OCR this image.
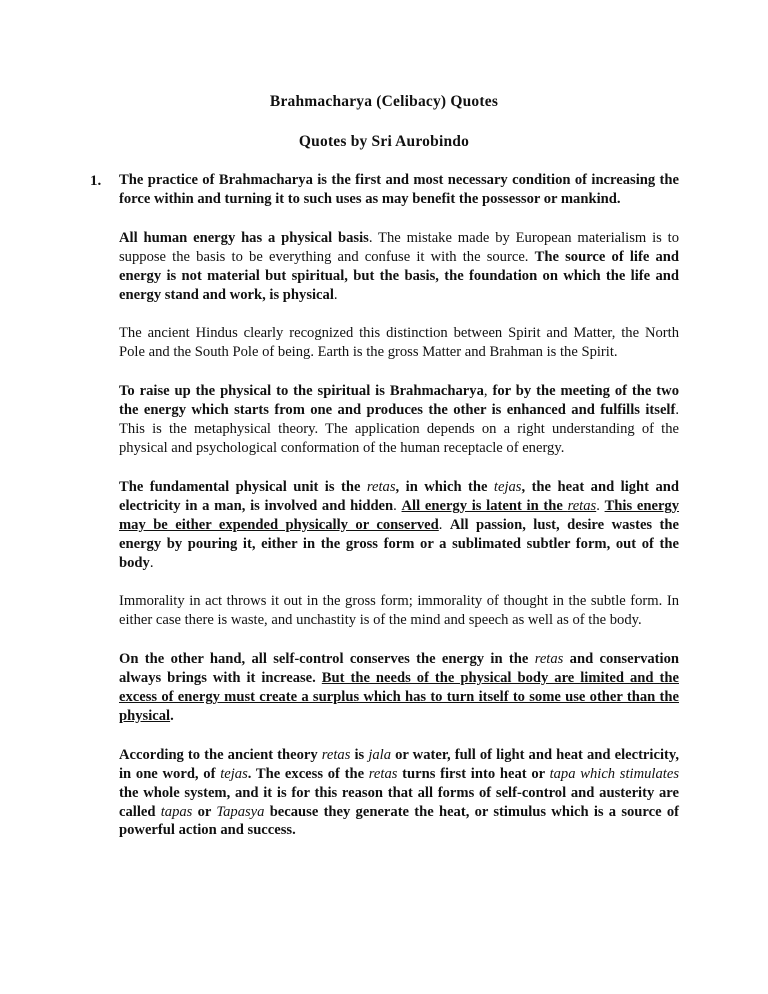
Brahmacharya (Celibacy) Quotes
Quotes by Sri Aurobindo
1. The practice of Brahmacharya is the first and most necessary condition of increasing the force within and turning it to such uses as may benefit the possessor or mankind.

All human energy has a physical basis. The mistake made by European materialism is to suppose the basis to be everything and confuse it with the source. The source of life and energy is not material but spiritual, but the basis, the foundation on which the life and energy stand and work, is physical.

The ancient Hindus clearly recognized this distinction between Spirit and Matter, the North Pole and the South Pole of being. Earth is the gross Matter and Brahman is the Spirit.

To raise up the physical to the spiritual is Brahmacharya, for by the meeting of the two the energy which starts from one and produces the other is enhanced and fulfills itself. This is the metaphysical theory. The application depends on a right understanding of the physical and psychological conformation of the human receptacle of energy.

The fundamental physical unit is the retas, in which the tejas, the heat and light and electricity in a man, is involved and hidden. All energy is latent in the retas. This energy may be either expended physically or conserved. All passion, lust, desire wastes the energy by pouring it, either in the gross form or a sublimated subtler form, out of the body.

Immorality in act throws it out in the gross form; immorality of thought in the subtle form. In either case there is waste, and unchastity is of the mind and speech as well as of the body.

On the other hand, all self-control conserves the energy in the retas and conservation always brings with it increase. But the needs of the physical body are limited and the excess of energy must create a surplus which has to turn itself to some use other than the physical.

According to the ancient theory retas is jala or water, full of light and heat and electricity, in one word, of tejas. The excess of the retas turns first into heat or tapa which stimulates the whole system, and it is for this reason that all forms of self-control and austerity are called tapas or Tapasya because they generate the heat, or stimulus which is a source of powerful action and success.
